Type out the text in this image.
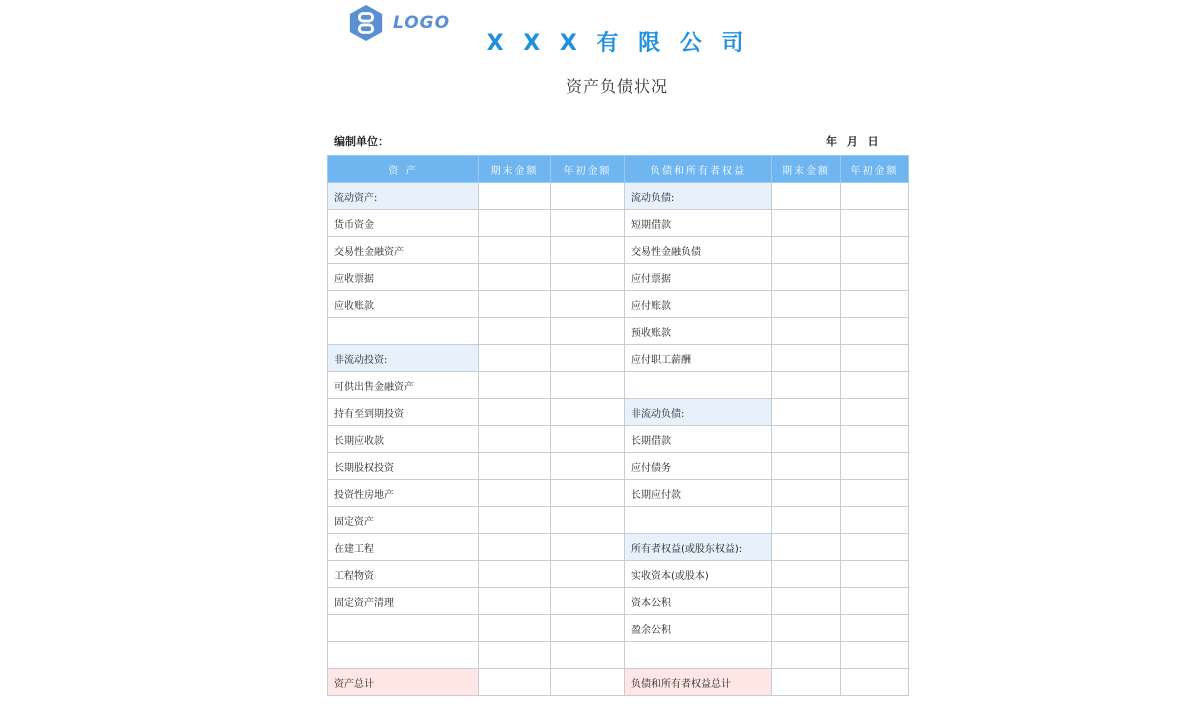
LOGO
X X X 有 限 公 司
资产负债状况
编制单位：	年 月 日
资 产	期末金额	年初金额	负债和所有者权益	期末金额	年初金额
流动资产:			流动负债:		
货币资金			短期借款		
交易性金融资产			交易性金融负债		
应收票据			应付票据		
应收账款			应付账款		
			预收账款		
非流动投资:			应付职工薪酬		
可供出售金融资产					
持有至到期投资			非流动负债:		
长期应收款			长期借款		
长期股权投资			应付债务		
投资性房地产			长期应付款		
固定资产					
在建工程			所有者权益(或股东权益):		
工程物资			实收资本(或股本)		
固定资产清理			资本公积		
			盈余公积		

资产总计			负债和所有者权益总计		
